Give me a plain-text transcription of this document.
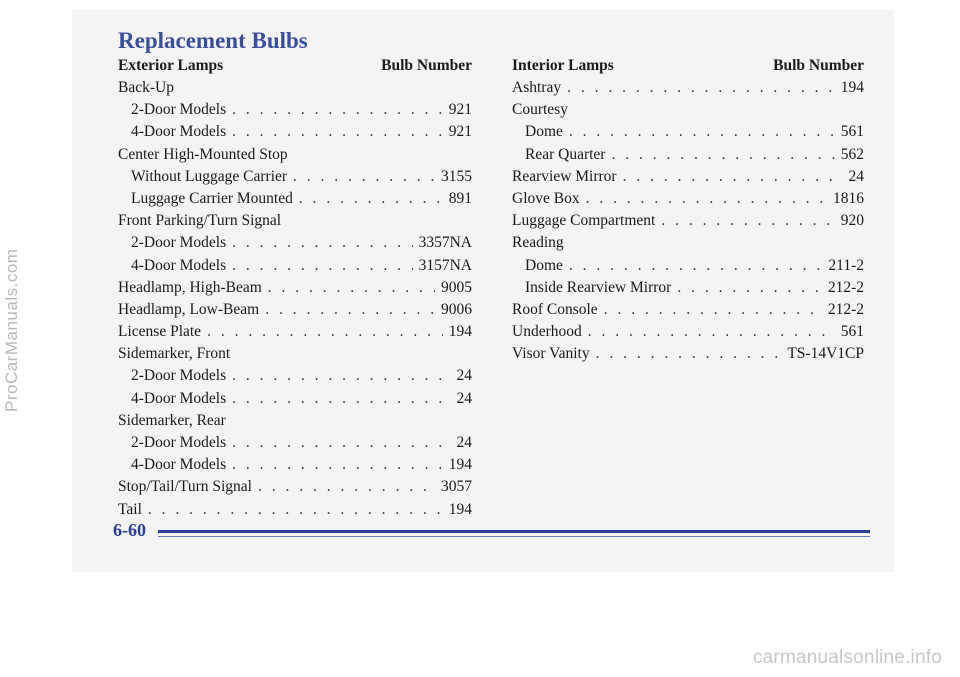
ProCarManuals.com
Replacement Bulbs
Exterior Lamps	Bulb Number
Back-Up
2-Door Models . . .	921
4-Door Models . . .	921
Center High-Mounted Stop
Without Luggage Carrier . . .	3155
Luggage Carrier Mounted . . .	891
Front Parking/Turn Signal
2-Door Models . . .	3357NA
4-Door Models . . .	3157NA
Headlamp, High-Beam . . .	9005
Headlamp, Low-Beam . . .	9006
License Plate . . .	194
Sidemarker, Front
2-Door Models . . .	24
4-Door Models . . .	24
Sidemarker, Rear
2-Door Models . . .	24
4-Door Models . . .	194
Stop/Tail/Turn Signal . . .	3057
Tail . . .	194
Interior Lamps	Bulb Number
Ashtray . . .	194
Courtesy
Dome . . .	561
Rear Quarter . . .	562
Rearview Mirror . . .	24
Glove Box . . .	1816
Luggage Compartment . . .	920
Reading
Dome . . .	211-2
Inside Rearview Mirror . . .	212-2
Roof Console . . .	212-2
Underhood . . .	561
Visor Vanity . . .	TS-14V1CP
6-60
carmanualsonline.info
